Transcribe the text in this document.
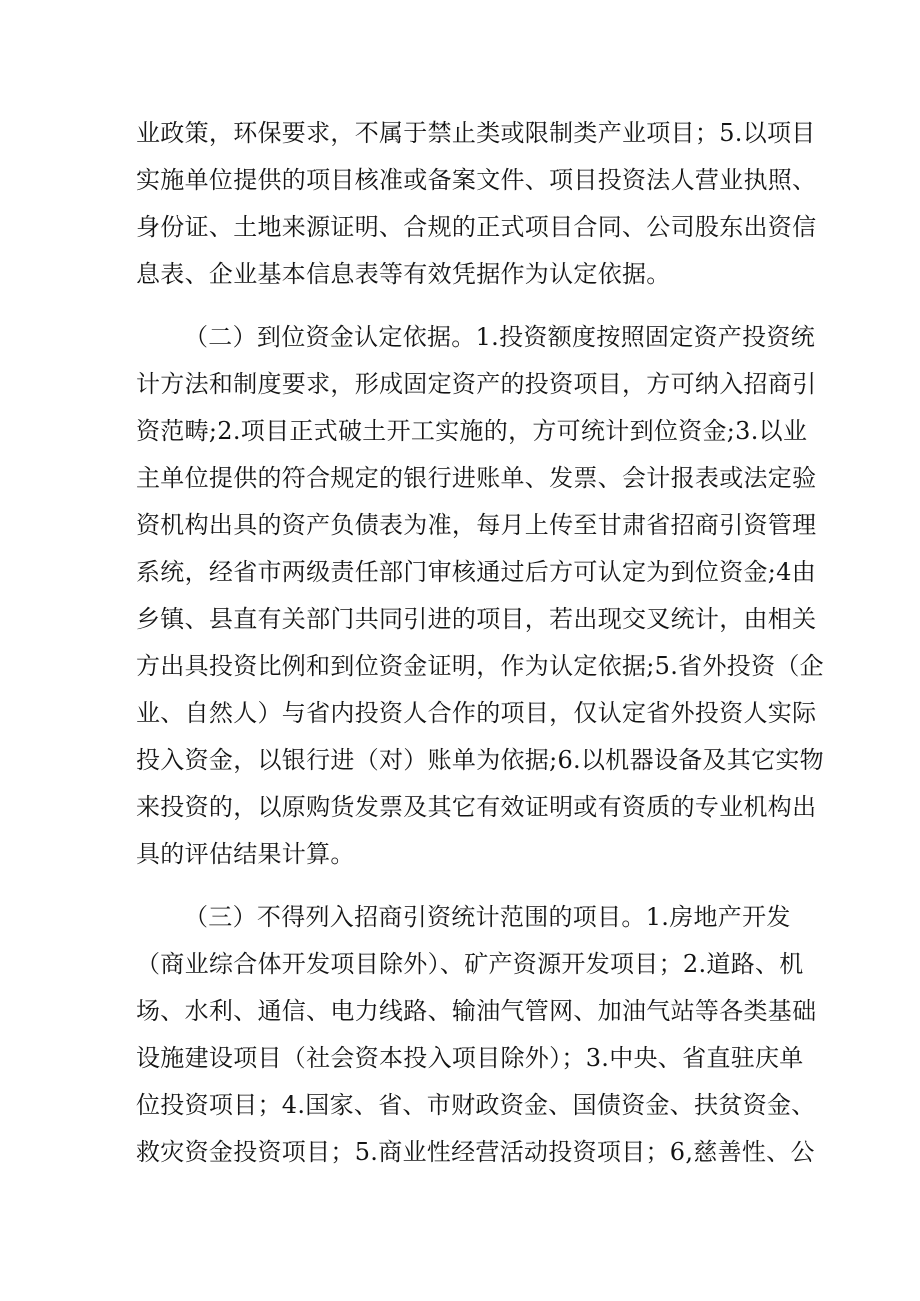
业政策，环保要求，不属于禁止类或限制类产业项目；5.以项目
实施单位提供的项目核准或备案文件、项目投资法人营业执照、
身份证、土地来源证明、合规的正式项目合同、公司股东出资信
息表、企业基本信息表等有效凭据作为认定依据。
（二）到位资金认定依据。1.投资额度按照固定资产投资统
计方法和制度要求，形成固定资产的投资项目，方可纳入招商引
资范畴;2.项目正式破土开工实施的，方可统计到位资金;3.以业
主单位提供的符合规定的银行进账单、发票、会计报表或法定验
资机构出具的资产负债表为准，每月上传至甘肃省招商引资管理
系统，经省市两级责任部门审核通过后方可认定为到位资金;4由
乡镇、县直有关部门共同引进的项目，若出现交叉统计，由相关
方出具投资比例和到位资金证明，作为认定依据;5.省外投资（企
业、自然人）与省内投资人合作的项目，仅认定省外投资人实际
投入资金，以银行进（对）账单为依据;6.以机器设备及其它实物
来投资的，以原购货发票及其它有效证明或有资质的专业机构出
具的评估结果计算。
（三）不得列入招商引资统计范围的项目。1.房地产开发
（商业综合体开发项目除外）、矿产资源开发项目；2.道路、机
场、水利、通信、电力线路、输油气管网、加油气站等各类基础
设施建设项目（社会资本投入项目除外）；3.中央、省直驻庆单
位投资项目；4.国家、省、市财政资金、国债资金、扶贫资金、
救灾资金投资项目；5.商业性经营活动投资项目；6,慈善性、公
